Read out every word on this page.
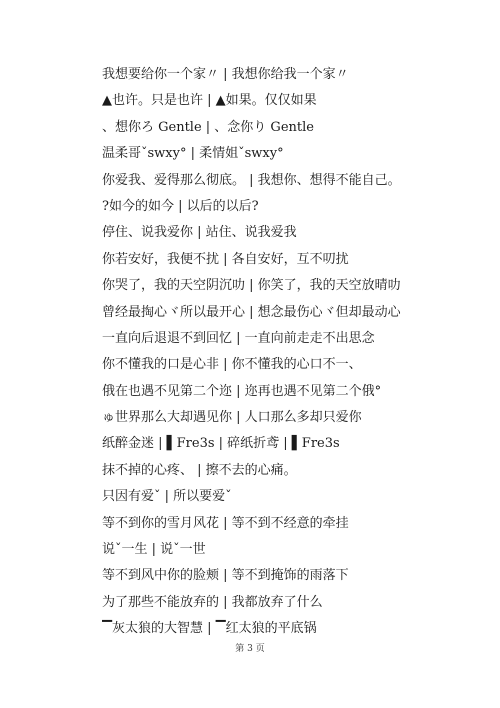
我想要给你一个家〃 | 我想你给我一个家〃
▲也许。只是也许 | ▲如果。仅仅如果
、想你ろ Gentle | 、念你り Gentle
温柔哥ˇswxy° | 柔情姐ˇswxy°
你爱我、爱得那么彻底。 | 我想你、想得不能自己。
?如今的如今 | 以后的以后?
停住、说我爱你 | 站住、说我爱我
你若安好，我便不扰 | 各自安好，互不叨扰
你哭了，我的天空阴沉叻 | 你笑了，我的天空放晴叻
曾经最掏心ヾ所以最开心 | 想念最伤心ヾ但却最动心
一直向后退退不到回忆 | 一直向前走走不出思念
你不懂我的口是心非 | 你不懂我的心口不一、
俄在也遇不见第二个迩 | 迩再也遇不见第二个俄°
ゅ世界那么大却遇见你 | 人口那么多却只爱你
纸醉金迷 | ▌Fre3s | 碎纸折鸢 | ▌Fre3s
抹不掉的心疼、 | 擦不去的心痛。
只因有爱ˇ | 所以要爱ˇ
等不到你的雪月风花 | 等不到不经意的牵挂
说ˇ一生 | 说ˇ一世
等不到风中你的脸颊 | 等不到掩饰的雨落下
为了那些不能放弃的 | 我都放弃了什么
▔灰太狼的大智慧 | ▔红太狼的平底锅
第 3 页
